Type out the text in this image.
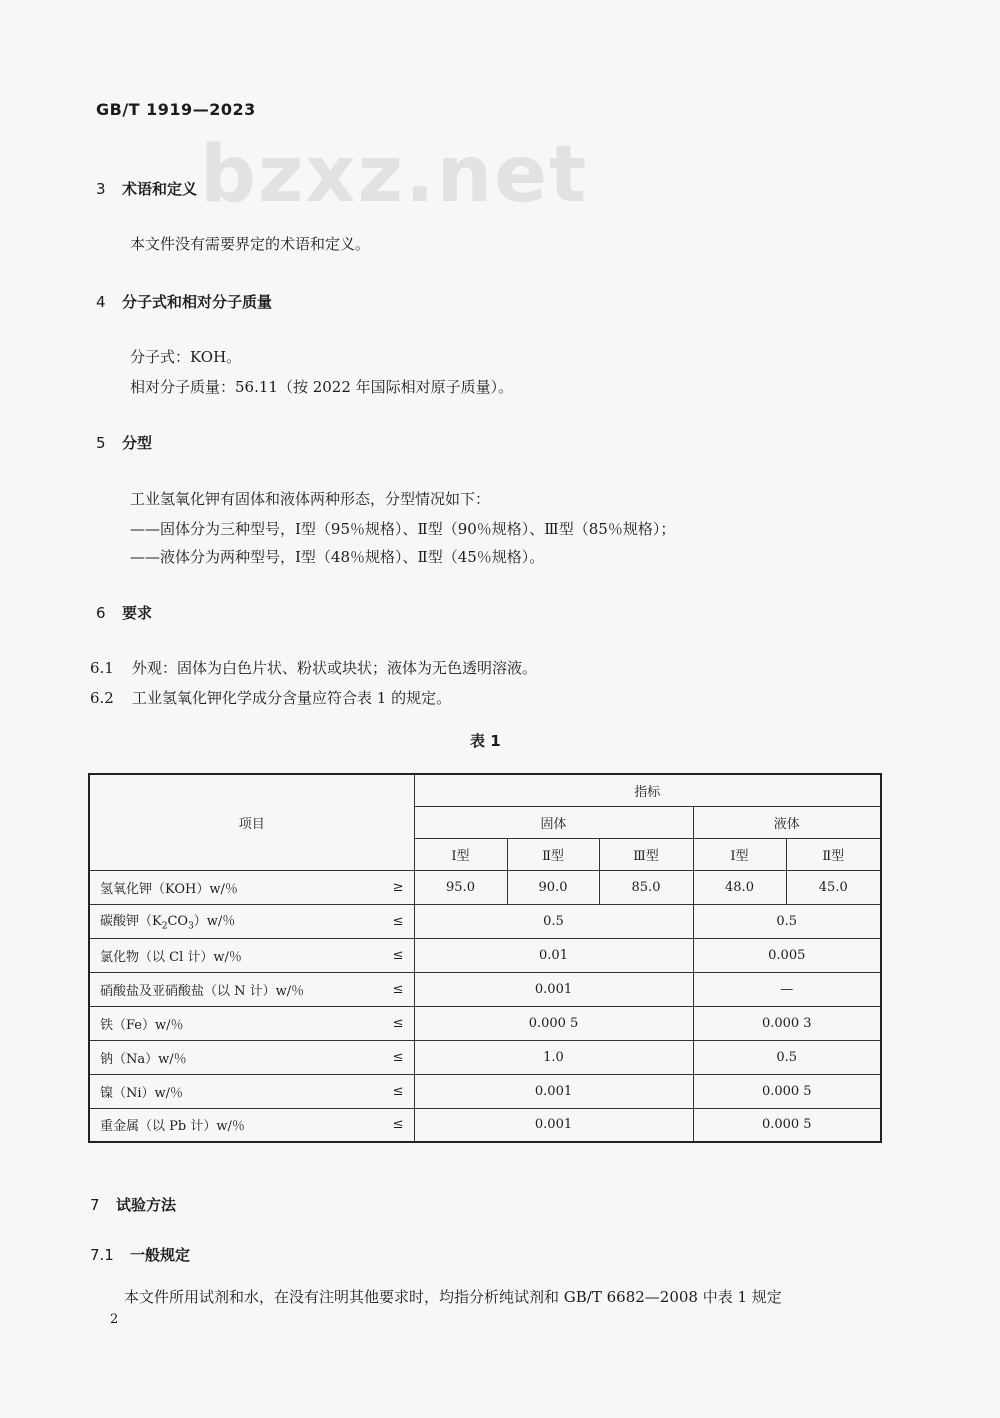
bzxz.net
GB/T 1919—2023
3 术语和定义
本文件没有需要界定的术语和定义。
4 分子式和相对分子质量
分子式：KOH。
相对分子质量：56.11（按 2022 年国际相对原子质量）。
5 分型
工业氢氧化钾有固体和液体两种形态，分型情况如下：
——固体分为三种型号，Ⅰ型（95％规格）、Ⅱ型（90％规格）、Ⅲ型（85％规格）；
——液体分为两种型号，Ⅰ型（48％规格）、Ⅱ型（45％规格）。
6 要求
6.1 外观：固体为白色片状、粉状或块状；液体为无色透明溶液。
6.2 工业氢氧化钾化学成分含量应符合表 1 的规定。
表 1
项目	指标				
	固体			液体	
	Ⅰ型	Ⅱ型	Ⅲ型	Ⅰ型	Ⅱ型

氢氧化钾（KOH）w/％ ≥	95.0	90.0	85.0	48.0	45.0

碳酸钾$(K_2CO_3)w/$％ ≤	0.5			0.5	

氯化物（以 Cl 计）w/％ ≤	0.01			0.005	

硝酸盐及亚硝酸盐（以 N 计）w/％ ≤	0.001			—	

铁（Fe）w/％ ≤	0.000 5			0.000 3	

钠（Na）w/％ ≤	1.0			0.5	

镍（Ni）w/％ ≤	0.001			0.000 5	

重金属（以 Pb 计）w/％ ≤	0.001			0.000 5	
7 试验方法
7.1 一般规定
本文件所用试剂和水，在没有注明其他要求时，均指分析纯试剂和 GB/T 6682—2008 中表 1 规定
2
